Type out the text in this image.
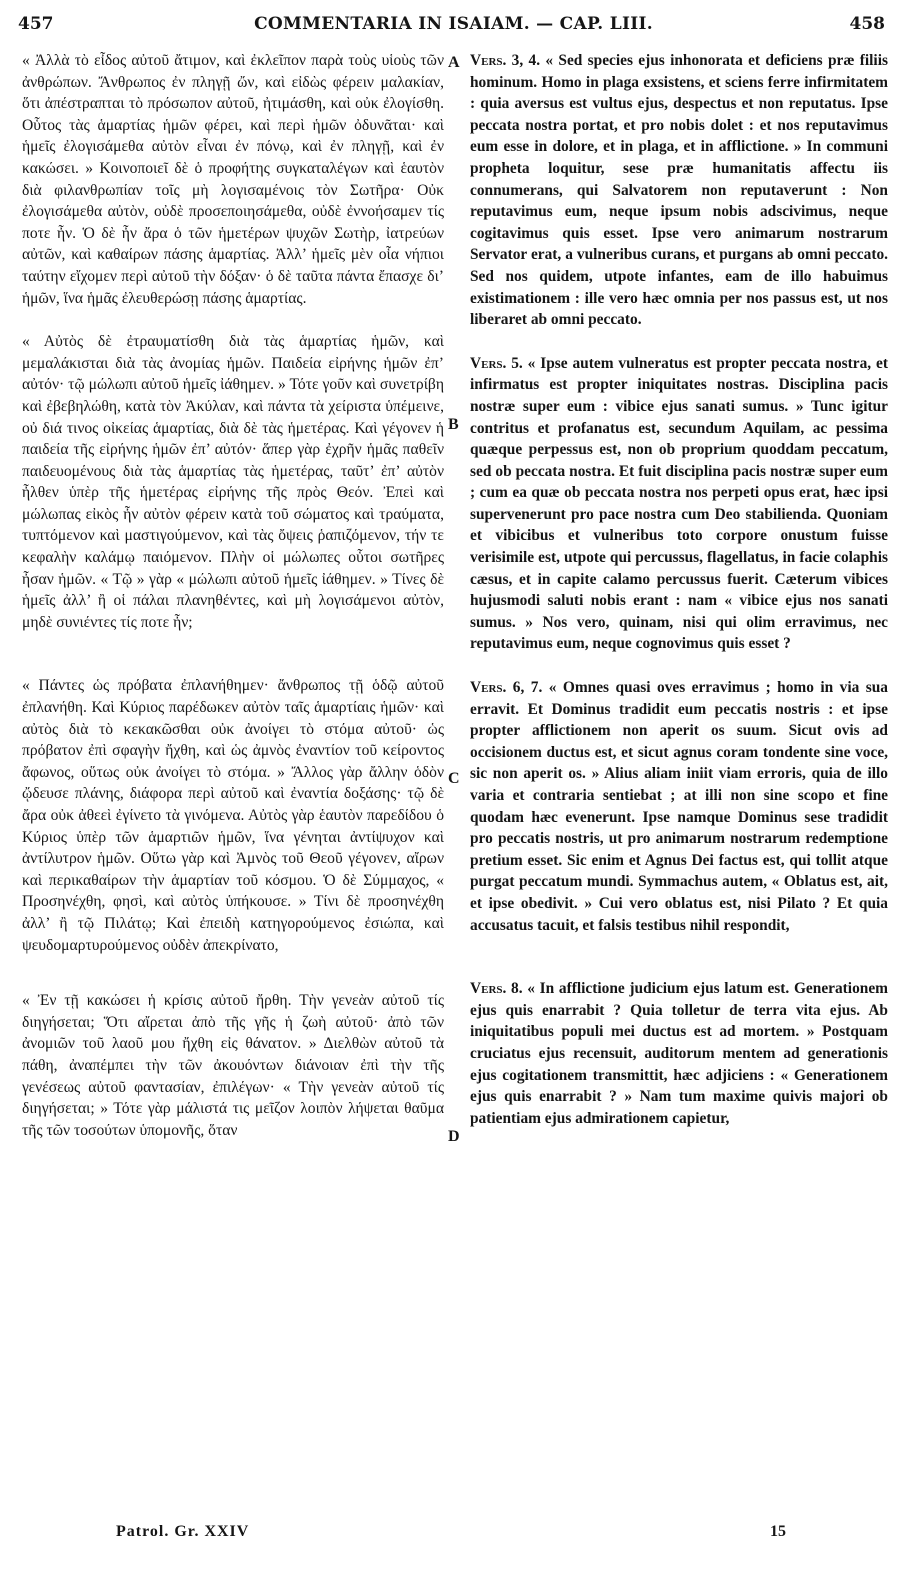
457	COMMENTARIA IN ISAIAM. — CAP. LIII.	458

« Ἀλλὰ τὸ εἶδος αὐτοῦ ἄτιμον, καὶ ἐκλεῖπον παρὰ τοὺς υἱοὺς τῶν ἀνθρώπων. Ἄνθρωπος ἐν πληγῇ ὤν, καὶ εἰδὼς φέρειν μαλακίαν, ὅτι ἀπέστραπται τὸ πρόσωπον αὐτοῦ, ἠτιμάσθη, καὶ οὐκ ἐλογίσθη. Οὗτος τὰς ἁμαρτίας ἡμῶν φέρει, καὶ περὶ ἡμῶν ὀδυνᾶται· καὶ ἡμεῖς ἐλογισάμεθα αὐτὸν εἶναι ἐν πόνῳ, καὶ ἐν πληγῇ, καὶ ἐν κακώσει. » Κοινοποιεῖ δὲ ὁ προφήτης συγκαταλέγων καὶ ἑαυτὸν διὰ φιλανθρωπίαν τοῖς μὴ λογισαμένοις τὸν Σωτῆρα· Οὐκ ἐλογισάμεθα αὐτὸν, οὐδὲ προσεποιησάμεθα, οὐδὲ ἐννοήσαμεν τίς ποτε ἦν. Ὁ δὲ ἦν ἄρα ὁ τῶν ἡμετέρων ψυχῶν Σωτὴρ, ἰατρεύων αὐτῶν, καὶ καθαίρων πάσης ἁμαρτίας. Ἀλλ’ ἡμεῖς μὲν οἷα νήπιοι ταύτην εἴχομεν περὶ αὐτοῦ τὴν δόξαν· ὁ δὲ ταῦτα πάντα ἔπασχε δι’ ἡμῶν, ἵνα ἡμᾶς ἐλευθερώσῃ πάσης ἁμαρτίας.

« Αὐτὸς δὲ ἐτραυματίσθη διὰ τὰς ἁμαρτίας ἡμῶν, καὶ μεμαλάκισται διὰ τὰς ἀνομίας ἡμῶν. Παιδεία εἰρήνης ἡμῶν ἐπ’ αὐτόν· τῷ μώλωπι αὐτοῦ ἡμεῖς ἰάθημεν. » Τότε γοῦν καὶ συνετρίβη καὶ ἐβεβηλώθη, κατὰ τὸν Ἀκύλαν, καὶ πάντα τὰ χείριστα ὑπέμεινε, οὐ διά τινος οἰκείας ἁμαρτίας, διὰ δὲ τὰς ἡμετέρας. Καὶ γέγονεν ἡ παιδεία τῆς εἰρήνης ἡμῶν ἐπ’ αὐτόν· ἅπερ γὰρ ἐχρῆν ἡμᾶς παθεῖν παιδευομένους διὰ τὰς ἁμαρτίας τὰς ἡμετέρας, ταῦτ’ ἐπ’ αὐτὸν ἦλθεν ὑπὲρ τῆς ἡμετέρας εἰρήνης τῆς πρὸς Θεόν. Ἐπεὶ καὶ μώλωπας εἰκὸς ἦν αὐτὸν φέρειν κατὰ τοῦ σώματος καὶ τραύματα, τυπτόμενον καὶ μαστιγούμενον, καὶ τὰς ὄψεις ῥαπιζόμενον, τήν τε κεφαλὴν καλάμῳ παιόμενον. Πλὴν οἱ μώλωπες οὗτοι σωτῆρες ἦσαν ἡμῶν. « Τῷ » γὰρ « μώλωπι αὐτοῦ ἡμεῖς ἰάθημεν. » Τίνες δὲ ἡμεῖς ἀλλ’ ἢ οἱ πάλαι πλανηθέντες, καὶ μὴ λογισάμενοι αὐτὸν, μηδὲ συνιέντες τίς ποτε ἦν;

« Πάντες ὡς πρόβατα ἐπλανήθημεν· ἄνθρωπος τῇ ὁδῷ αὐτοῦ ἐπλανήθη. Καὶ Κύριος παρέδωκεν αὐτὸν ταῖς ἁμαρτίαις ἡμῶν· καὶ αὐτὸς διὰ τὸ κεκακῶσθαι οὐκ ἀνοίγει τὸ στόμα αὐτοῦ· ὡς πρόβατον ἐπὶ σφαγὴν ἤχθη, καὶ ὡς ἀμνὸς ἐναντίον τοῦ κείροντος ἄφωνος, οὕτως οὐκ ἀνοίγει τὸ στόμα. » Ἄλλος γὰρ ἄλλην ὁδὸν ᾤδευσε πλάνης, διάφορα περὶ αὐτοῦ καὶ ἐναντία δοξάσης· τῷ δὲ ἄρα οὐκ ἀθεεὶ ἐγίνετο τὰ γινόμενα. Αὐτὸς γὰρ ἑαυτὸν παρεδίδου ὁ Κύριος ὑπὲρ τῶν ἁμαρτιῶν ἡμῶν, ἵνα γένηται ἀντίψυχον καὶ ἀντίλυτρον ἡμῶν. Οὕτω γὰρ καὶ Ἀμνὸς τοῦ Θεοῦ γέγονεν, αἴρων καὶ περικαθαίρων τὴν ἁμαρτίαν τοῦ κόσμου. Ὁ δὲ Σύμμαχος, « Προσηνέχθη, φησὶ, καὶ αὐτὸς ὑπήκουσε. » Τίνι δὲ προσηνέχθη ἀλλ’ ἢ τῷ Πιλάτῳ; Καὶ ἐπειδὴ κατηγορούμενος ἐσιώπα, καὶ ψευδομαρτυρούμενος οὐδὲν ἀπεκρίνατο,

« Ἐν τῇ κακώσει ἡ κρίσις αὐτοῦ ἤρθη. Τὴν γενεὰν αὐτοῦ τίς διηγήσεται; Ὅτι αἴρεται ἀπὸ τῆς γῆς ἡ ζωὴ αὐτοῦ· ἀπὸ τῶν ἀνομιῶν τοῦ λαοῦ μου ἤχθη εἰς θάνατον. » Διελθὼν αὐτοῦ τὰ πάθη, ἀναπέμπει τὴν τῶν ἀκουόντων διάνοιαν ἐπὶ τὴν τῆς γενέσεως αὐτοῦ φαντασίαν, ἐπιλέγων· « Τὴν γενεὰν αὐτοῦ τίς διηγήσεται; » Τότε γὰρ μάλιστά τις μεῖζον λοιπὸν λήψεται θαῦμα τῆς τῶν τοσούτων ὑπομονῆς, ὅταν

A
B
C
D

Vers. 3, 4. « Sed species ejus inhonorata et deficiens præ filiis hominum. Homo in plaga exsistens, et sciens ferre infirmitatem : quia aversus est vultus ejus, despectus et non reputatus. Ipse peccata nostra portat, et pro nobis dolet : et nos reputavimus eum esse in dolore, et in plaga, et in afflictione. » In communi propheta loquitur, sese præ humanitatis affectu iis connumerans, qui Salvatorem non reputaverunt : Non reputavimus eum, neque ipsum nobis adscivimus, neque cogitavimus quis esset. Ipse vero animarum nostrarum Servator erat, a vulneribus curans, et purgans ab omni peccato. Sed nos quidem, utpote infantes, eam de illo habuimus existimationem : ille vero hæc omnia per nos passus est, ut nos liberaret ab omni peccato.

Vers. 5. « Ipse autem vulneratus est propter peccata nostra, et infirmatus est propter iniquitates nostras. Disciplina pacis nostræ super eum : vibice ejus sanati sumus. » Tunc igitur contritus et profanatus est, secundum Aquilam, ac pessima quæque perpessus est, non ob proprium quoddam peccatum, sed ob peccata nostra. Et fuit disciplina pacis nostræ super eum ; cum ea quæ ob peccata nostra nos perpeti opus erat, hæc ipsi supervenerunt pro pace nostra cum Deo stabilienda. Quoniam et vibicibus et vulneribus toto corpore onustum fuisse verisimile est, utpote qui percussus, flagellatus, in facie colaphis cæsus, et in capite calamo percussus fuerit. Cæterum vibices hujusmodi saluti nobis erant : nam « vibice ejus nos sanati sumus. » Nos vero, quinam, nisi qui olim erravimus, nec reputavimus eum, neque cognovimus quis esset ?

Vers. 6, 7. « Omnes quasi oves erravimus ; homo in via sua erravit. Et Dominus tradidit eum peccatis nostris : et ipse propter afflictionem non aperit os suum. Sicut ovis ad occisionem ductus est, et sicut agnus coram tondente sine voce, sic non aperit os. » Alius aliam iniit viam erroris, quia de illo varia et contraria sentiebat ; at illi non sine scopo et fine quodam hæc evenerunt. Ipse namque Dominus sese tradidit pro peccatis nostris, ut pro animarum nostrarum redemptione pretium esset. Sic enim et Agnus Dei factus est, qui tollit atque purgat peccatum mundi. Symmachus autem, « Oblatus est, ait, et ipse obedivit. » Cui vero oblatus est, nisi Pilato ? Et quia accusatus tacuit, et falsis testibus nihil respondit,

Vers. 8. « In afflictione judicium ejus latum est. Generationem ejus quis enarrabit ? Quia tolletur de terra vita ejus. Ab iniquitatibus populi mei ductus est ad mortem. » Postquam cruciatus ejus recensuit, auditorum mentem ad generationis ejus cogitationem transmittit, hæc adjiciens : « Generationem ejus quis enarrabit ? » Nam tum maxime quivis majori ob patientiam ejus admirationem capietur,

Patrol. Gr. XXIV	15
